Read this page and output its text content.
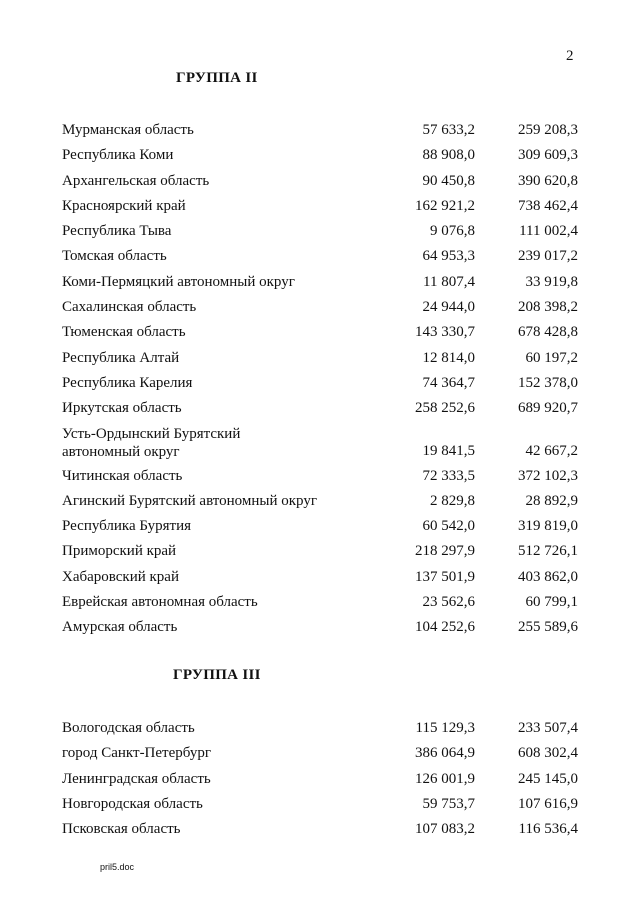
2
ГРУППА II
Мурманская область	57 633,2	259 208,3
Республика Коми	88 908,0	309 609,3
Архангельская область	90 450,8	390 620,8
Красноярский край	162 921,2	738 462,4
Республика Тыва	9 076,8	111 002,4
Томская область	64 953,3	239 017,2
Коми-Пермяцкий автономный округ	11 807,4	33 919,8
Сахалинская область	24 944,0	208 398,2
Тюменская область	143 330,7	678 428,8
Республика Алтай	12 814,0	60 197,2
Республика Карелия	74 364,7	152 378,0
Иркутская область	258 252,6	689 920,7
Усть-Ордынский Бурятский
автономный округ	19 841,5	42 667,2
Читинская область	72 333,5	372 102,3
Агинский Бурятский автономный округ	2 829,8	28 892,9
Республика Бурятия	60 542,0	319 819,0
Приморский край	218 297,9	512 726,1
Хабаровский край	137 501,9	403 862,0
Еврейская автономная область	23 562,6	60 799,1
Амурская область	104 252,6	255 589,6
ГРУППА III
Вологодская область	115 129,3	233 507,4
город Санкт-Петербург	386 064,9	608 302,4
Ленинградская область	126 001,9	245 145,0
Новгородская область	59 753,7	107 616,9
Псковская область	107 083,2	116 536,4
pril5.doc
